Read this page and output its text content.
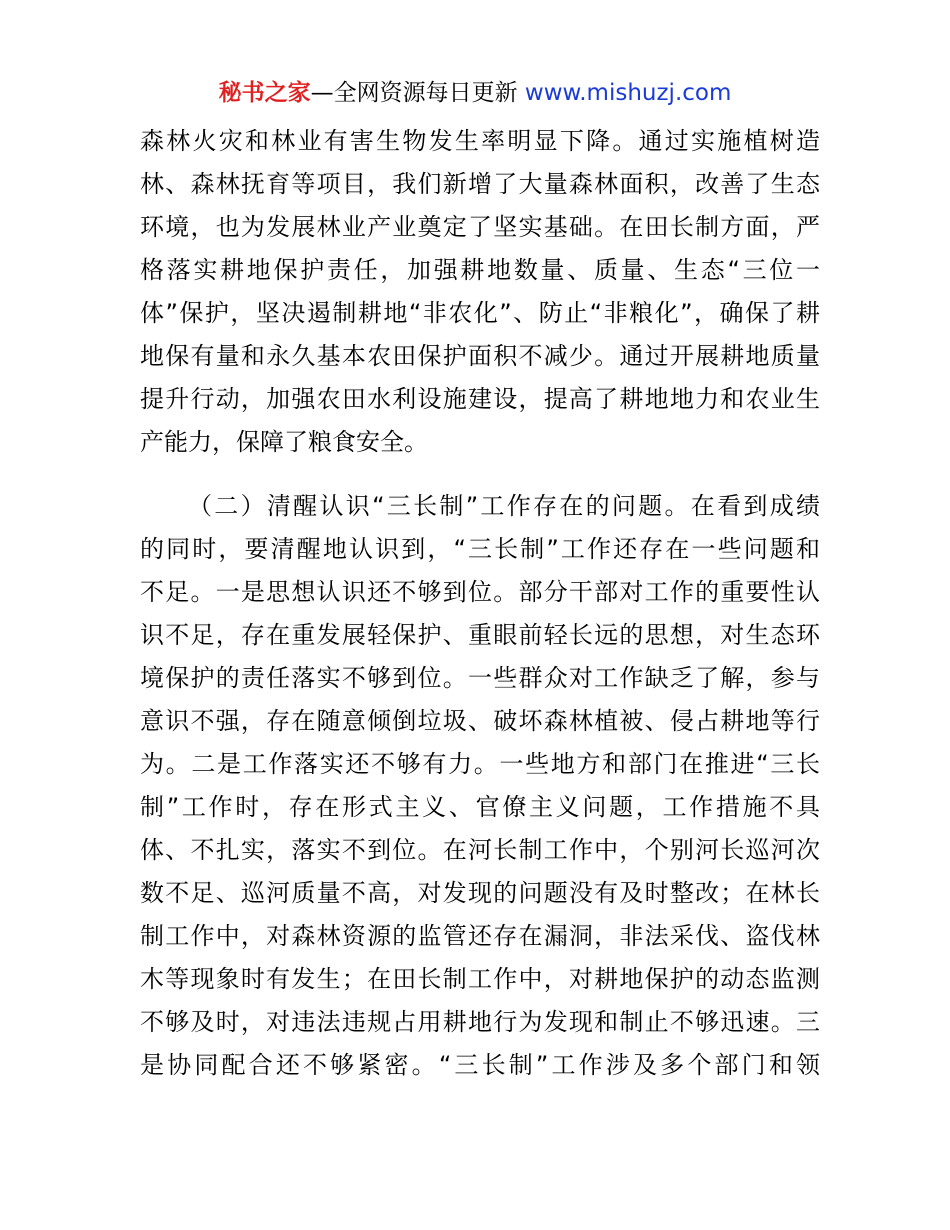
秘书之家—全网资源每日更新 www.mishuzj.com
森林火灾和林业有害生物发生率明显下降。通过实施植树造
林、森林抚育等项目，我们新增了大量森林面积，改善了生态
环境，也为发展林业产业奠定了坚实基础。在田长制方面，严
格落实耕地保护责任，加强耕地数量、质量、生态“三位一
体”保护，坚决遏制耕地“非农化”、防止“非粮化”，确保了耕
地保有量和永久基本农田保护面积不减少。通过开展耕地质量
提升行动，加强农田水利设施建设，提高了耕地地力和农业生
产能力，保障了粮食安全。
（二）清醒认识“三长制”工作存在的问题。在看到成绩
的同时，要清醒地认识到，“三长制”工作还存在一些问题和
不足。一是思想认识还不够到位。部分干部对工作的重要性认
识不足，存在重发展轻保护、重眼前轻长远的思想，对生态环
境保护的责任落实不够到位。一些群众对工作缺乏了解，参与
意识不强，存在随意倾倒垃圾、破坏森林植被、侵占耕地等行
为。二是工作落实还不够有力。一些地方和部门在推进“三长
制”工作时，存在形式主义、官僚主义问题，工作措施不具
体、不扎实，落实不到位。在河长制工作中，个别河长巡河次
数不足、巡河质量不高，对发现的问题没有及时整改；在林长
制工作中，对森林资源的监管还存在漏洞，非法采伐、盗伐林
木等现象时有发生；在田长制工作中，对耕地保护的动态监测
不够及时，对违法违规占用耕地行为发现和制止不够迅速。三
是协同配合还不够紧密。“三长制”工作涉及多个部门和领
